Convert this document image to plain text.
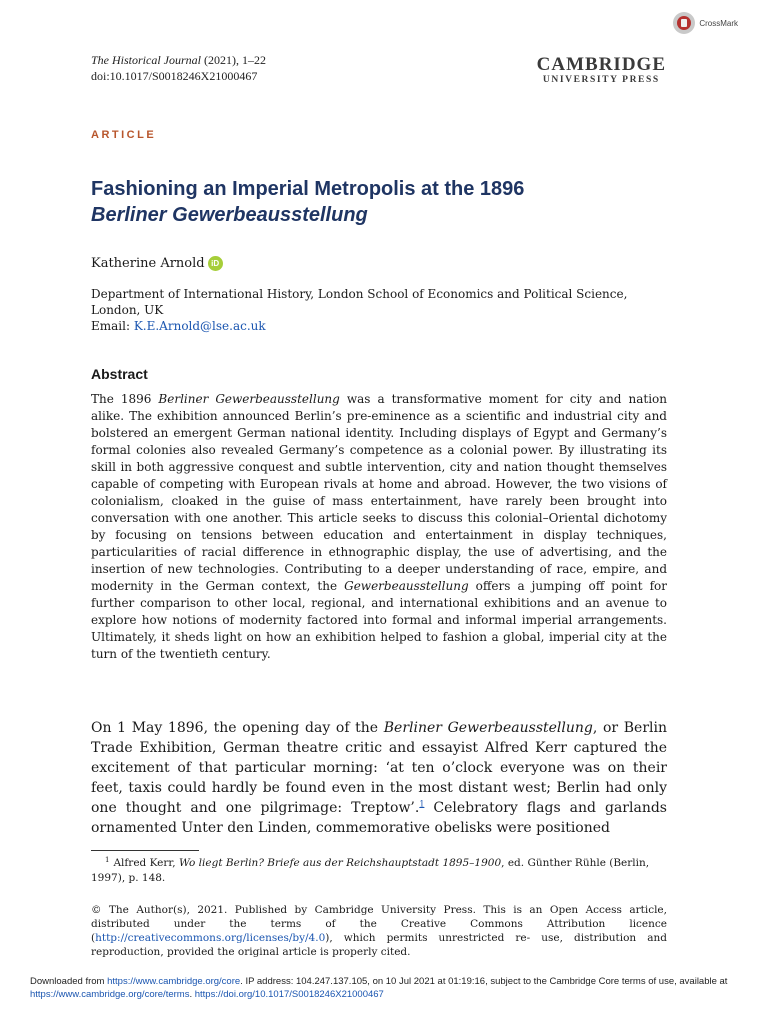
The Historical Journal (2021), 1–22
doi:10.1017/S0018246X21000467
CrossMark
CAMBRIDGE
UNIVERSITY PRESS
ARTICLE
Fashioning an Imperial Metropolis at the 1896
Berliner Gewerbeausstellung
Katherine Arnold iD
Department of International History, London School of Economics and Political Science,
London, UK
Email: K.E.Arnold@lse.ac.uk
Abstract
The 1896 Berliner Gewerbeausstellung was a transformative moment for city and nation alike. The exhibition announced Berlin’s pre-eminence as a scientific and industrial city and bolstered an emergent German national identity. Including displays of Egypt and Germany’s formal colonies also revealed Germany’s competence as a colonial power. By illustrating its skill in both aggressive conquest and subtle intervention, city and nation thought themselves capable of competing with European rivals at home and abroad. However, the two visions of colonialism, cloaked in the guise of mass entertainment, have rarely been brought into conversation with one another. This article seeks to discuss this colonial–Oriental dichotomy by focusing on tensions between education and entertainment in display techniques, particularities of racial difference in ethnographic display, the use of advertising, and the insertion of new technologies. Contributing to a deeper understanding of race, empire, and modernity in the German context, the Gewerbeausstellung offers a jumping off point for further comparison to other local, regional, and international exhibitions and an avenue to explore how notions of modernity factored into formal and informal imperial arrangements. Ultimately, it sheds light on how an exhibition helped to fashion a global, imperial city at the turn of the twentieth century.
On 1 May 1896, the opening day of the Berliner Gewerbeausstellung, or Berlin Trade Exhibition, German theatre critic and essayist Alfred Kerr captured the excitement of that particular morning: ‘at ten o’clock everyone was on their feet, taxis could hardly be found even in the most distant west; Berlin had only one thought and one pilgrimage: Treptow’.$^1$ Celebratory flags and garlands ornamented Unter den Linden, commemorative obelisks were positioned
$^1$ Alfred Kerr, Wo liegt Berlin? Briefe aus der Reichshauptstadt 1895–1900, ed. Günther Rühle (Berlin, 1997), p. 148.
© The Author(s), 2021. Published by Cambridge University Press. This is an Open Access article, distributed under the terms of the Creative Commons Attribution licence (http://creativecommons.org/licenses/by/4.0), which permits unrestricted re- use, distribution and reproduction, provided the original article is properly cited.
Downloaded from https://www.cambridge.org/core. IP address: 104.247.137.105, on 10 Jul 2021 at 01:19:16, subject to the Cambridge Core terms of use, available at https://www.cambridge.org/core/terms. https://doi.org/10.1017/S0018246X21000467
